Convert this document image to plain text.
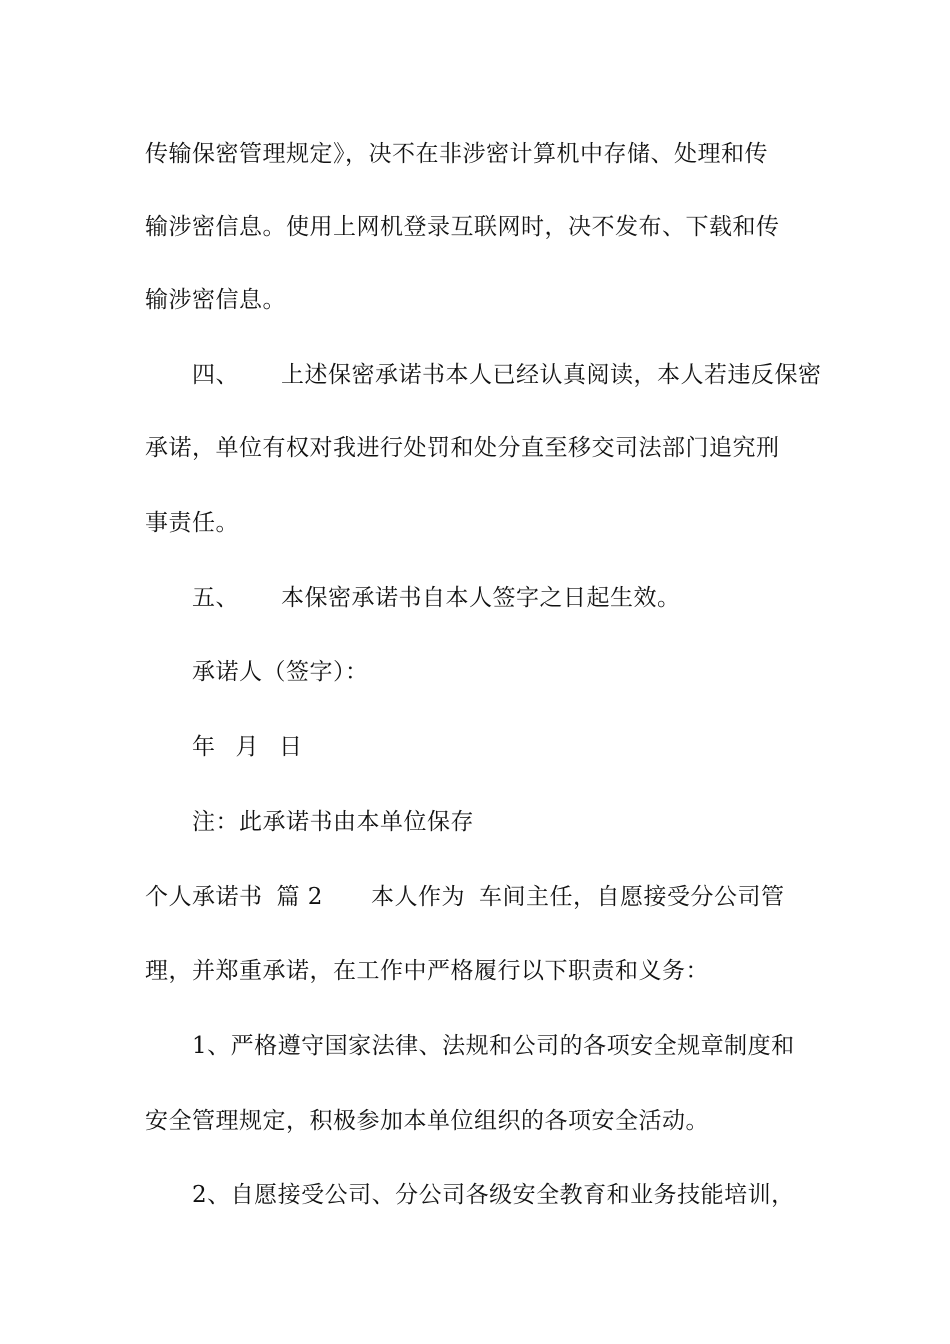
传输保密管理规定》，决不在非涉密计算机中存储、处理和传
输涉密信息。使用上网机登录互联网时，决不发布、下载和传
输涉密信息。
四、 上述保密承诺书本人已经认真阅读，本人若违反保密
承诺，单位有权对我进行处罚和处分直至移交司法部门追究刑
事责任。
五、 本保密承诺书自本人签字之日起生效。
承诺人（签字）：
年 月 日
注：此承诺书由本单位保存
个人承诺书 篇 2 本人作为 车间主任，自愿接受分公司管
理，并郑重承诺，在工作中严格履行以下职责和义务：
1、严格遵守国家法律、法规和公司的各项安全规章制度和
安全管理规定，积极参加本单位组织的各项安全活动。
2、自愿接受公司、分公司各级安全教育和业务技能培训，
